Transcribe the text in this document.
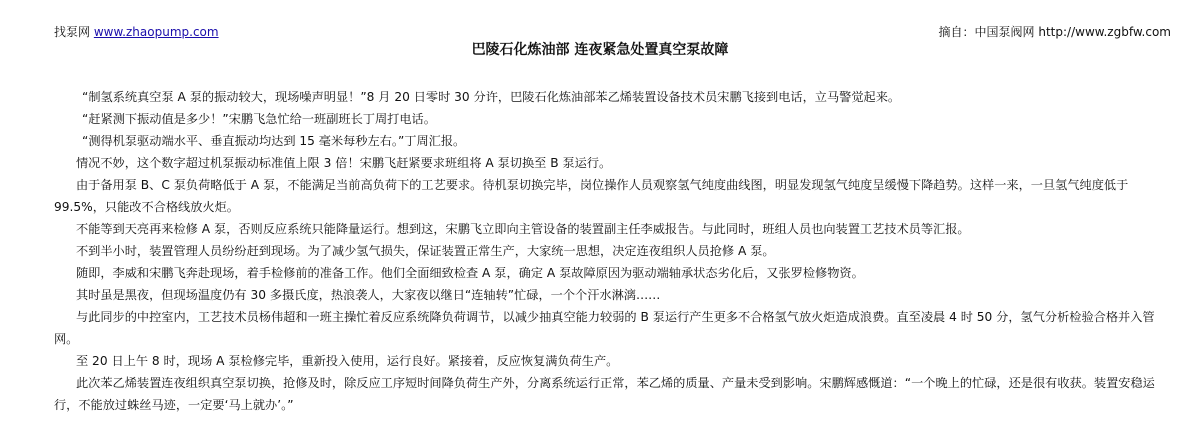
找泵网 www.zhaopump.com	摘自：中国泵阀网 http://www.zgbfw.com
巴陵石化炼油部 连夜紧急处置真空泵故障

“制氢系统真空泵 A 泵的振动较大，现场噪声明显！”8 月 20 日零时 30 分许，巴陵石化炼油部苯乙烯装置设备技术员宋鹏飞接到电话，立马警觉起来。

“赶紧测下振动值是多少！”宋鹏飞急忙给一班副班长丁周打电话。

“测得机泵驱动端水平、垂直振动均达到 15 毫米每秒左右。”丁周汇报。

情况不妙，这个数字超过机泵振动标准值上限 3 倍！宋鹏飞赶紧要求班组将 A 泵切换至 B 泵运行。

由于备用泵 B、C 泵负荷略低于 A 泵，不能满足当前高负荷下的工艺要求。待机泵切换完毕，岗位操作人员观察氢气纯度曲线图，明显发现氢气纯度呈缓慢下降趋势。这样一来，一旦氢气纯度低于 99.5%，只能改不合格线放火炬。

不能等到天亮再来检修 A 泵，否则反应系统只能降量运行。想到这，宋鹏飞立即向主管设备的装置副主任李威报告。与此同时，班组人员也向装置工艺技术员等汇报。

不到半小时，装置管理人员纷纷赶到现场。为了减少氢气损失，保证装置正常生产，大家统一思想，决定连夜组织人员抢修 A 泵。

随即，李威和宋鹏飞奔赴现场，着手检修前的准备工作。他们全面细致检查 A 泵，确定 A 泵故障原因为驱动端轴承状态劣化后，又张罗检修物资。

其时虽是黑夜，但现场温度仍有 30 多摄氏度，热浪袭人，大家夜以继日“连轴转”忙碌，一个个汗水淋漓……

与此同步的中控室内，工艺技术员杨伟超和一班主操忙着反应系统降负荷调节，以减少抽真空能力较弱的 B 泵运行产生更多不合格氢气放火炬造成浪费。直至凌晨 4 时 50 分，氢气分析检验合格并入管网。

至 20 日上午 8 时，现场 A 泵检修完毕，重新投入使用，运行良好。紧接着，反应恢复满负荷生产。

此次苯乙烯装置连夜组织真空泵切换，抢修及时，除反应工序短时间降负荷生产外，分离系统运行正常，苯乙烯的质量、产量未受到影响。宋鹏辉感慨道：“一个晚上的忙碌，还是很有收获。装置安稳运行，不能放过蛛丝马迹，一定要‘马上就办’。”
